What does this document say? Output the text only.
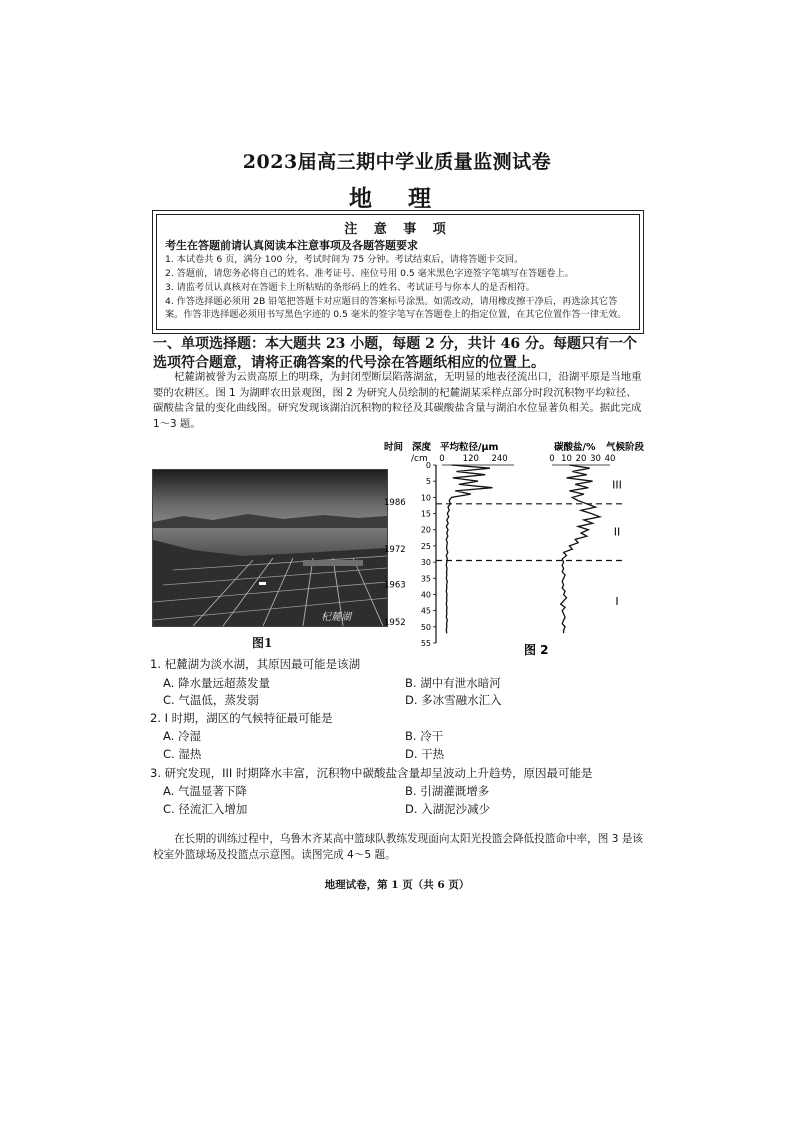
2023届高三期中学业质量监测试卷
地 理
注 意 事 项
考生在答题前请认真阅读本注意事项及各题答题要求
1. 本试卷共 6 页，满分 100 分，考试时间为 75 分钟。考试结束后，请将答题卡交回。
2. 答题前，请您务必将自己的姓名、准考证号、座位号用 0.5 毫米黑色字迹签字笔填写在答题卷上。
3. 请监考员认真核对在答题卡上所粘贴的条形码上的姓名、考试证号与你本人的是否相符。
4. 作答选择题必须用 2B 铅笔把答题卡对应题目的答案标号涂黑。如需改动，请用橡皮擦干净后，再选涂其它答案。作答非选择题必须用书写黑色字迹的 0.5 毫米的签字笔写在答题卷上的指定位置，在其它位置作答一律无效。
一、单项选择题：本大题共 23 小题，每题 2 分，共计 46 分。每题只有一个选项符合题意，请将正确答案的代号涂在答题纸相应的位置上。
杞麓湖被誉为云贵高原上的明珠，为封闭型断层陷落湖盆，无明显的地表径流出口，沿湖平原是当地重要的农耕区。图 1 为湖畔农田景观图，图 2 为研究人员绘制的杞麓湖某采样点部分时段沉积物平均粒径、碳酸盐含量的变化曲线图。研究发现该湖泊沉积物的粒径及其碳酸盐含量与湖泊水位显著负相关。据此完成 1～3 题。
杞麓湖
图1
时间 深度 平均粒径/μm
/cm
碳酸盐/% 气候阶段
0
5
10
15
20
25
30
35
40
45
50
55
1986
1972
1963
1952
0 120 240	0 10 20 30 40
III
II
I
图 2
1. 杞麓湖为淡水湖，其原因最可能是该湖
A. 降水量远超蒸发量	B. 湖中有泄水暗河
C. 气温低，蒸发弱	D. 多冰雪融水汇入
2. I 时期，湖区的气候特征最可能是
A. 冷湿	B. 冷干
C. 湿热	D. 干热
3. 研究发现，III 时期降水丰富，沉积物中碳酸盐含量却呈波动上升趋势，原因最可能是
A. 气温显著下降	B. 引湖灌溉增多
C. 径流汇入增加	D. 入湖泥沙减少
在长期的训练过程中，乌鲁木齐某高中篮球队教练发现面向太阳光投篮会降低投篮命中率，图 3 是该校室外篮球场及投篮点示意图。读图完成 4～5 题。
地理试卷，第 1 页（共 6 页）
